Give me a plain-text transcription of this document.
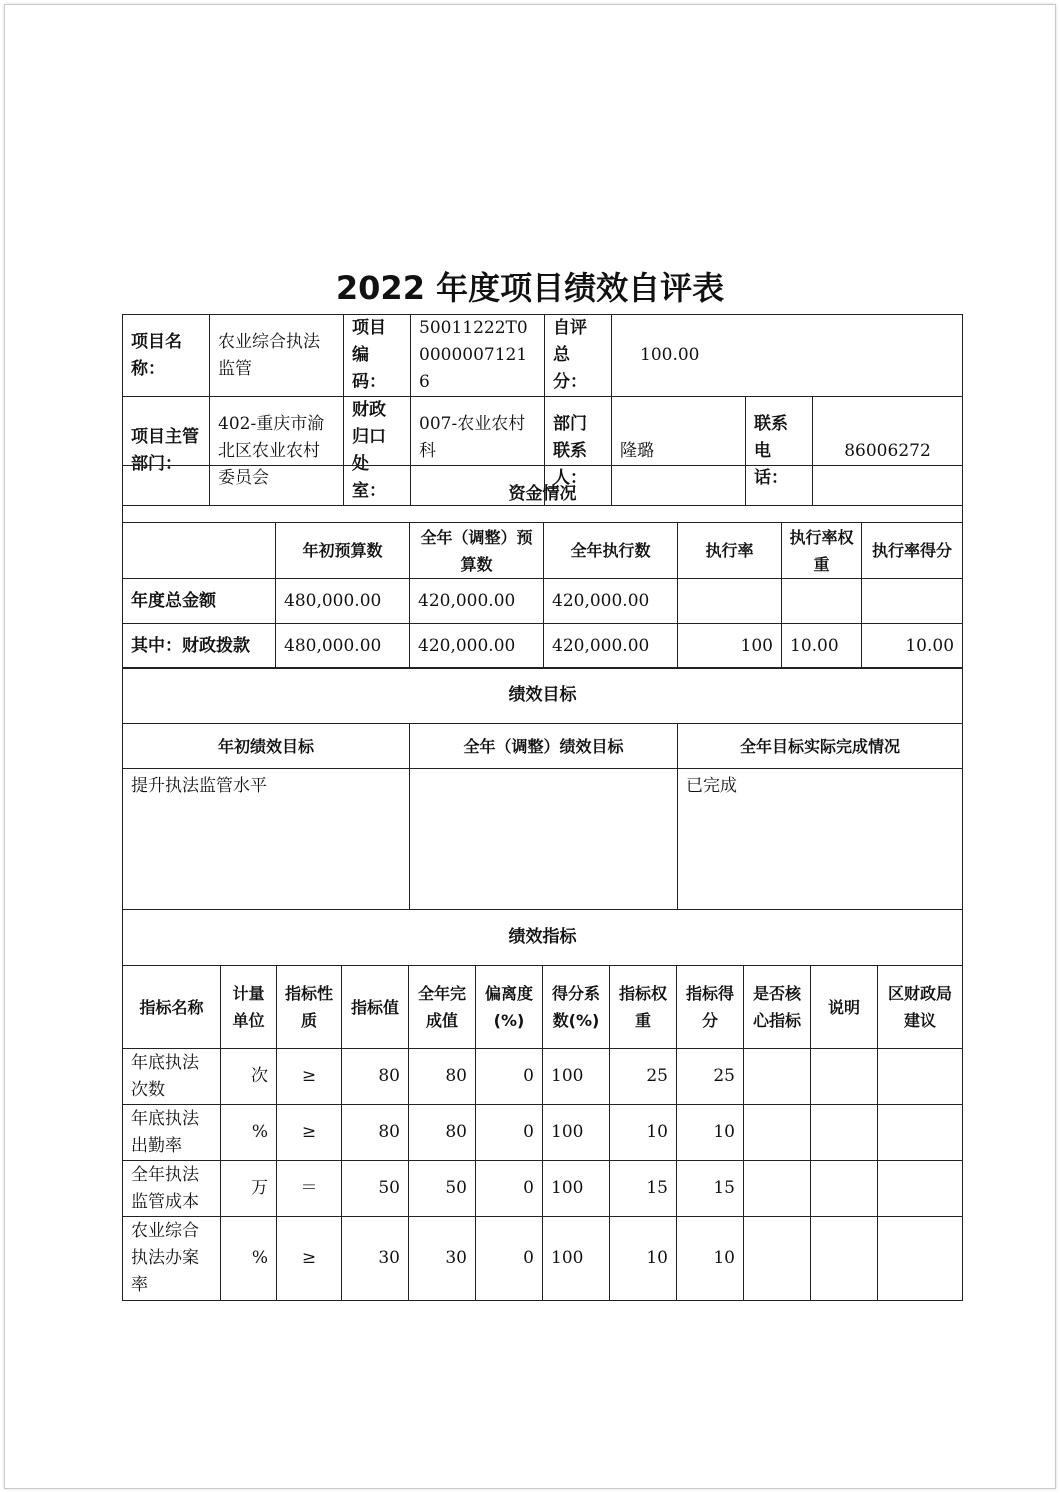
2022 年度项目绩效自评表
项目名称：	农业综合执法监管	项目编码：	50011222T000000071216	自评总分：	100.00		
项目主管部门：	402-重庆市渝北区农业农村委员会	财政归口处室：	007-农业农村科	部门联系人：	隆璐	联系电话：	86006272
资金情况						
	年初预算数	全年（调整）预算数	全年执行数	执行率	执行率权重	执行率得分
年度总金额	480,000.00	420,000.00	420,000.00			
其中：财政拨款	480,000.00	420,000.00	420,000.00	100	10.00	10.00
绩效目标		
年初绩效目标	全年（调整）绩效目标	全年目标实际完成情况
提升执法监管水平		已完成
绩效指标											
指标名称	计量单位	指标性质	指标值	全年完成值	偏离度(%)	得分系数(%)	指标权重	指标得分	是否核心指标	说明	区财政局建议
年底执法次数	次	≥	80	80	0	100	25	25			
年底执法出勤率	%	≥	80	80	0	100	10	10			
全年执法监管成本	万	＝	50	50	0	100	15	15			
农业综合执法办案率	%	≥	30	30	0	100	10	10			
